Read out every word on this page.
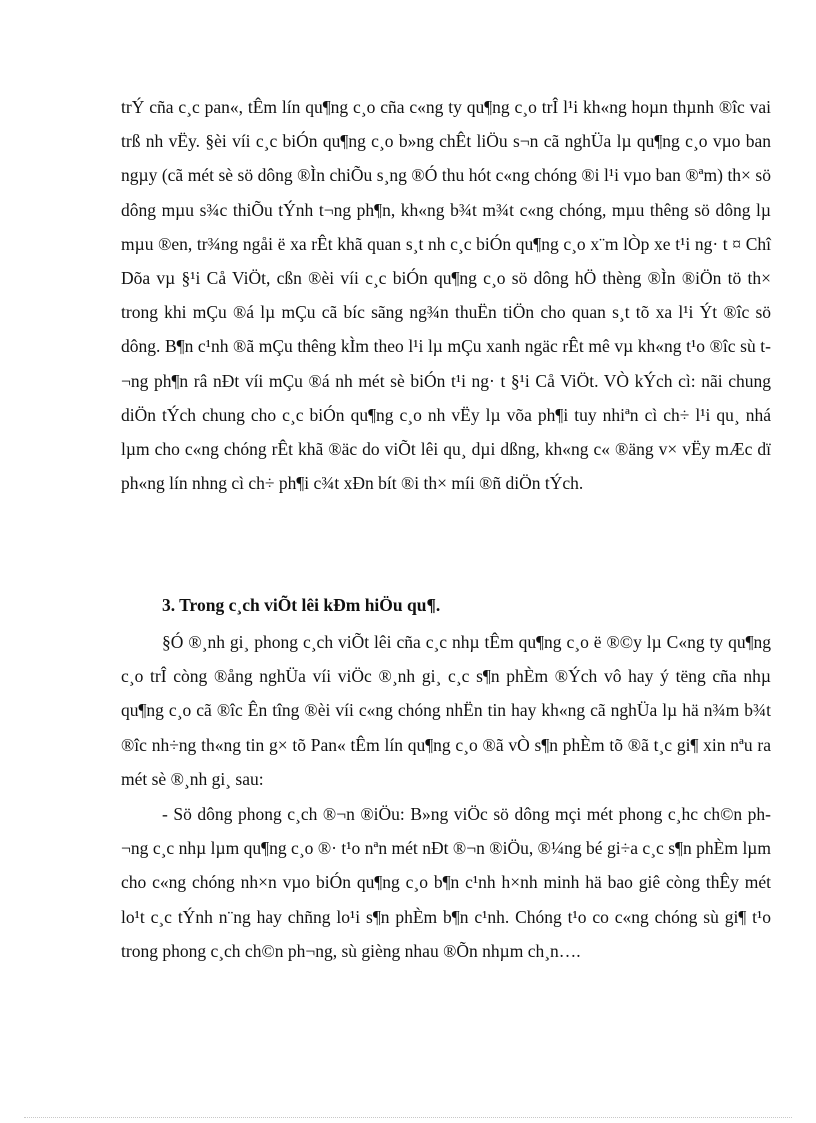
trÝ cña c¸c pan«, tÊm lín qu¶ng c¸o cña c«ng ty qu¶ng c¸o trÎ l¹i kh«ng hoµn thµnh ®îc vai trß nh vËy. §èi víi c¸c biÓn qu¶ng c¸o b»ng chÊt liÖu s¬n cã nghÜa lµ qu¶ng c¸o vµo ban ngµy (cã mét sè sö dông ®Ìn chiÕu s¸ng ®Ó thu hót c«ng chóng ®i l¹i vµo ban ®ªm) th× sö dông mµu s¾c thiÕu tÝnh t¬ng ph¶n, kh«ng b¾t m¾t c«ng chóng, mµu thêng sö dông lµ mµu ®en, tr¾ng ngåi ë xa rÊt khã quan s¸t nh c¸c biÓn qu¶ng c¸o x¨m lÒp xe t¹i ng· t ¤ Chî Dõa vµ §¹i Cå ViÖt, cßn ®èi víi c¸c biÓn qu¶ng c¸o sö dông hÖ thèng ®Ìn ®iÖn tö th× trong khi mÇu ®á lµ mÇu cã bíc sãng ng¾n thuËn tiÖn cho quan s¸t tõ xa l¹i Ýt ®îc sö dông. B¶n c¹nh ®ã mÇu thêng kÌm theo l¹i lµ mÇu xanh ngäc rÊt mê vµ kh«ng t¹o ®îc sù t¬ng ph¶n râ nÐt víi mÇu ®á nh mét sè biÓn t¹i ng· t §¹i Cå ViÖt. VÒ kÝch cì: nãi chung diÖn tÝch chung cho c¸c biÓn qu¶ng c¸o nh vËy lµ võa ph¶i tuy nhiªn cì ch÷ l¹i qu¸ nhá lµm cho c«ng chóng rÊt khã ®äc do viÕt lêi qu¸ dµi dßng, kh«ng c« ®äng v× vËy mÆc dï ph«ng lín nhng cì ch÷ ph¶i c¾t xÐn bít ®i th× míi ®ñ diÖn tÝch.

3. Trong c¸ch viÕt lêi kÐm hiÖu qu¶.

§Ó ®¸nh gi¸ phong c¸ch viÕt lêi cña c¸c nhµ tÊm qu¶ng c¸o ë ®©y lµ C«ng ty qu¶ng c¸o trÎ còng ®ång nghÜa víi viÖc ®¸nh gi¸ c¸c s¶n phÈm ®Ých vô hay ý tëng cña nhµ qu¶ng c¸o cã ®îc Ên tîng ®èi víi c«ng chóng nhËn tin hay kh«ng cã nghÜa lµ hä n¾m b¾t ®îc nh÷ng th«ng tin g× tõ Pan« tÊm lín qu¶ng c¸o ®ã vÒ s¶n phÈm tõ ®ã t¸c gi¶ xin nªu ra mét sè ®¸nh gi¸ sau:

- Sö dông phong c¸ch ®¬n ®iÖu: B»ng viÖc sö dông mçi mét phong c¸hc ch©n ph¬ng c¸c nhµ lµm qu¶ng c¸o ®· t¹o nªn mét nÐt ®¬n ®iÖu, ®¼ng bé gi÷a c¸c s¶n phÈm lµm cho c«ng chóng nh×n vµo biÓn qu¶ng c¸o b¶n c¹nh h×nh minh hä bao giê còng thÊy mét lo¹t c¸c tÝnh n¨ng hay chñng lo¹i s¶n phÈm b¶n c¹nh. Chóng t¹o co c«ng chóng sù gi¶ t¹o trong phong c¸ch ch©n ph¬ng, sù gièng nhau ®Õn nhµm ch¸n….
